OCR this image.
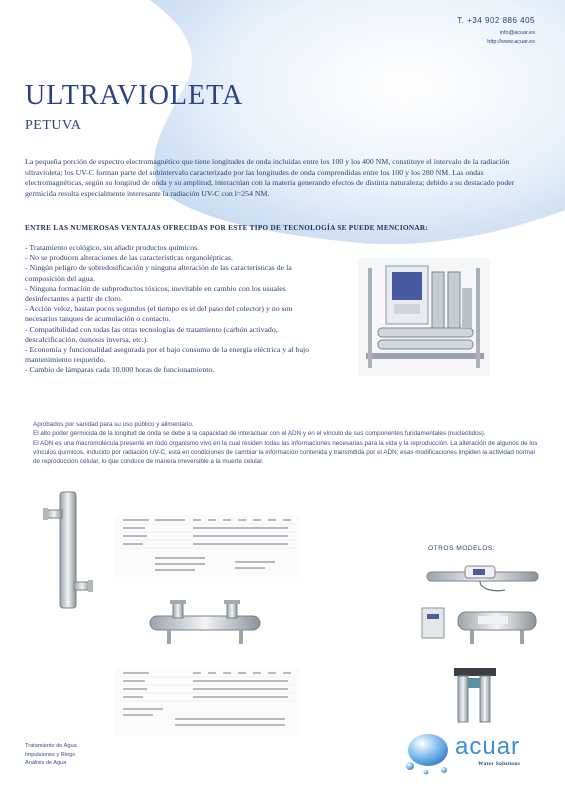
T. +34 902 886 405
info@acuar.es
http://www.acuar.es
ULTRAVIOLETA
PETUVA
La pequeña porción de espectro electromagnético que tiene longitudes de onda incluidas entre los 100 y los 400 NM, constituye el intervalo de la radiación ultravioleta; los UV-C forman parte del subintervalo caracterizado por las longitudes de onda comprendidas entre los 100 y los 280 NM. Las ondas electromagnéticas, según su longitud de onda y su amplitud, interactúan con la materia generando efectos de distinta naturaleza; debido a su destacado poder germicida resulta especialmente interesante la radiación UV-C con l=254 NM.
ENTRE LAS NUMEROSAS VENTAJAS OFRECIDAS POR ESTE TIPO DE TECNOLOGÍA SE PUEDE MENCIONAR:
- Tratamiento ecológico, sin añadir productos químicos.
- No se producen alteraciones de las características organolépticas.
- Ningún peligro de sobredosificación y ninguna alteración de las características de la composición del agua.
- Ninguna formación de subproductos tóxicos, inevitable en cambio con los usuales desinfectantes a partir de cloro.
- Acción veloz, bastan pocos segundos (el tiempo es el del paso del colector) y no son necesarios tanques de acumulación o contacto.
- Compatibilidad con todas las otras tecnologías de tratamiento (carbón activado, descalcificación, ósmosis inversa, etc.).
- Economía y funcionalidad asegurada por el bajo consumo de la energía eléctrica y al bajo mantenimiento requerido.
- Cambio de lámparas cada 10.000 horas de funcionamiento.

Aprobados por sanidad para su uso público y alimentario.

El alto poder germicida de la longitud de onda se debe a la capacidad de interactuar con el ADN y en el vínculo de sus componentes fundamentales (nucleótidos).

El ADN es una macromolécula presente en todo organismo vivo en la cual residen todas las informaciones necesarias para la vida y la reproducción. La alteración de algunos de los vínculos químicos, inducido por radiación UV-C, está en condiciones de cambiar la información contenida y transmitida por el ADN; esas modificaciones impiden la actividad normal de reproducción celular, lo que conduce de manera irreversible a la muerte celular.

OTROS MODELOS:
Tratamiento de Agua
Impulsiones y Riego
Análisis de Agua
acuar
Water Solutions
